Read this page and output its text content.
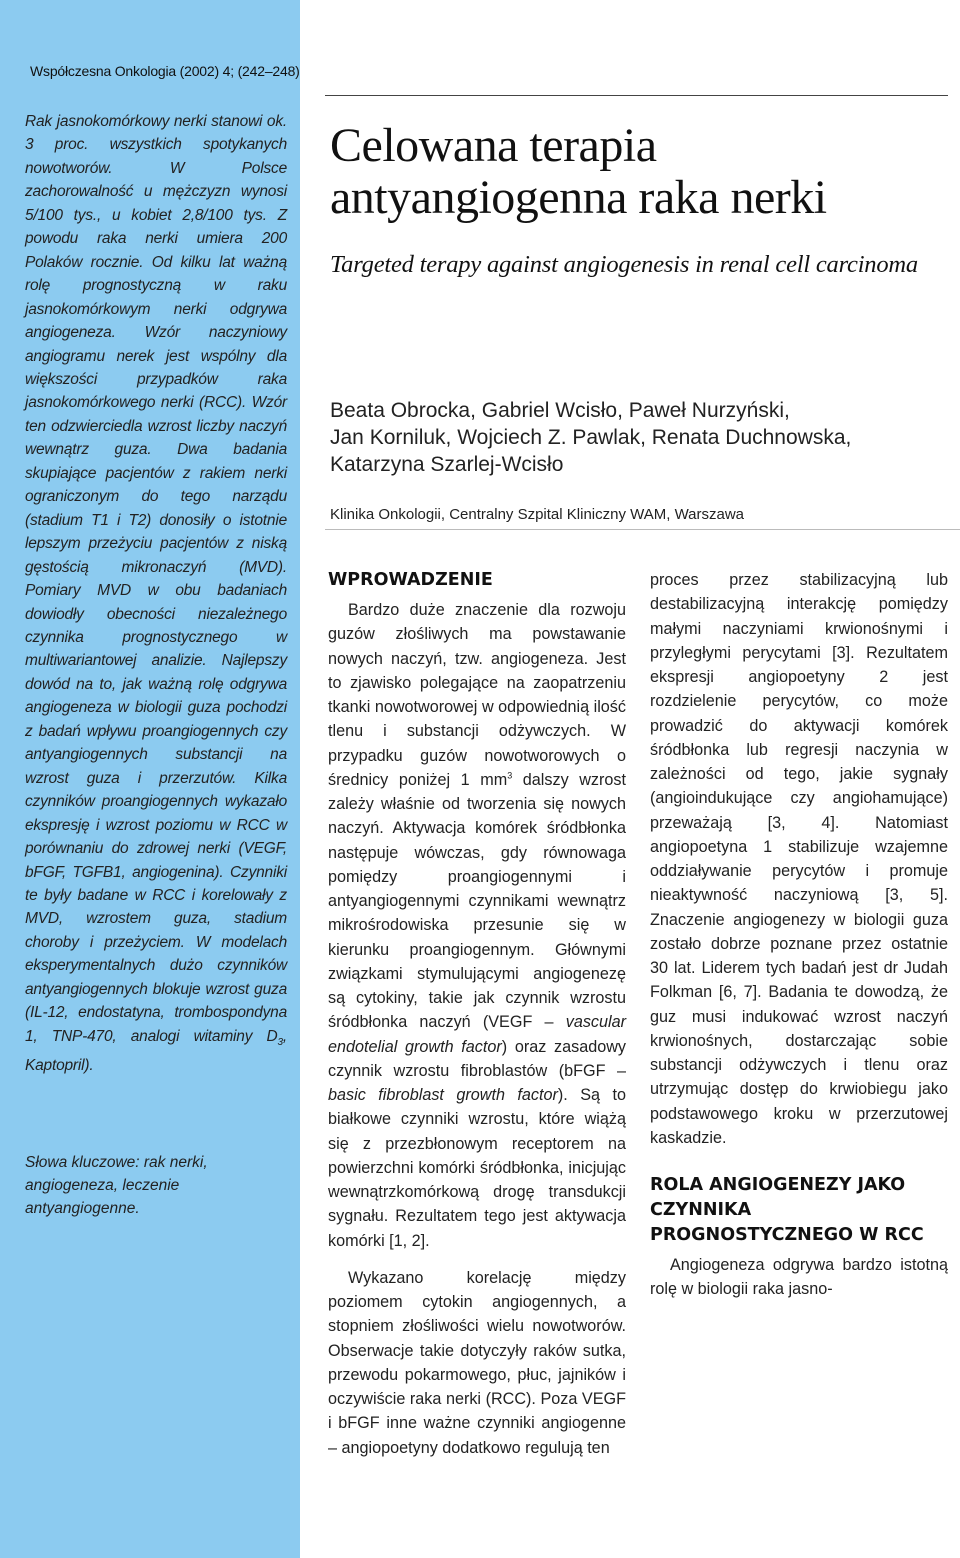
Współczesna Onkologia (2002) 4; (242–248)
Rak jasnokomórkowy nerki stanowi ok. 3 proc. wszystkich spotykanych nowotworów. W Polsce zachorowalność u mężczyzn wynosi 5/100 tys., u kobiet 2,8/100 tys. Z powodu raka nerki umiera 200 Polaków rocznie. Od kilku lat ważną rolę prognostyczną w raku jasnokomórkowym nerki odgrywa angiogeneza. Wzór naczyniowy angiogramu nerek jest wspólny dla większości przypadków raka jasnokomórkowego nerki (RCC). Wzór ten odzwierciedla wzrost liczby naczyń wewnątrz guza. Dwa badania skupiające pacjentów z rakiem nerki ograniczonym do tego narządu (stadium T1 i T2) donosiły o istotnie lepszym przeżyciu pacjentów z niską gęstością mikronaczyń (MVD). Pomiary MVD w obu badaniach dowiodły obecności niezależnego czynnika prognostycznego w multiwariantowej analizie. Najlepszy dowód na to, jak ważną rolę odgrywa angiogeneza w biologii guza pochodzi z badań wpływu proangiogennych czy antyangiogennych substancji na wzrost guza i przerzutów. Kilka czynników proangiogennych wykazało ekspresję i wzrost poziomu w RCC w porównaniu do zdrowej nerki (VEGF, bFGF, TGFB1, angiogenina). Czynniki te były badane w RCC i korelowały z MVD, wzrostem guza, stadium choroby i przeżyciem. W modelach eksperymentalnych dużo czynników antyangiogennych blokuje wzrost guza (IL-12, endostatyna, trombospondyna 1, TNP-470, analogi witaminy $D_3$, Kaptopril).
Słowa kluczowe: rak nerki, angiogeneza, leczenie antyangiogenne.
Celowana terapia antyangiogenna raka nerki
Targeted terapy against angiogenesis in renal cell carcinoma
Beata Obrocka, Gabriel Wcisło, Paweł Nurzyński,
Jan Korniluk, Wojciech Z. Pawlak, Renata Duchnowska,
Katarzyna Szarlej-Wcisło
Klinika Onkologii, Centralny Szpital Kliniczny WAM, Warszawa
WPROWADZENIE

Bardzo duże znaczenie dla rozwoju guzów złośliwych ma powstawanie nowych naczyń, tzw. angiogeneza. Jest to zjawisko polegające na zaopatrzeniu tkanki nowotworowej w odpowiednią ilość tlenu i substancji odżywczych. W przypadku guzów nowotworowych o średnicy poniżej 1 $mm^3$ dalszy wzrost zależy właśnie od tworzenia się nowych naczyń. Aktywacja komórek śródbłonka następuje wówczas, gdy równowaga pomiędzy proangiogennymi i antyangiogennymi czynnikami wewnątrz mikrośrodowiska przesunie się w kierunku proangiogennym. Głównymi związkami stymulującymi angiogenezę są cytokiny, takie jak czynnik wzrostu śródbłonka naczyń (VEGF – vascular endotelial growth factor) oraz zasadowy czynnik wzrostu fibroblastów (bFGF – basic fibroblast growth factor). Są to białkowe czynniki wzrostu, które wiążą się z przezbłonowym receptorem na powierzchni komórki śródbłonka, inicjując wewnątrzkomórkową drogę transdukcji sygnału. Rezultatem tego jest aktywacja komórki [1, 2].

Wykazano korelację między poziomem cytokin angiogennych, a stopniem złośliwości wielu nowotworów. Obserwacje takie dotyczyły raków sutka, przewodu pokarmowego, płuc, jajników i oczywiście raka nerki (RCC). Poza VEGF i bFGF inne ważne czynniki angiogenne – angiopoetyny dodatkowo regulują ten

proces przez stabilizacyjną lub destabilizacyjną interakcję pomiędzy małymi naczyniami krwionośnymi i przyległymi perycytami [3]. Rezultatem ekspresji angiopoetyny 2 jest rozdzielenie perycytów, co może prowadzić do aktywacji komórek śródbłonka lub regresji naczynia w zależności od tego, jakie sygnały (angioindukujące czy angiohamujące) przeważają [3, 4]. Natomiast angiopoetyna 1 stabilizuje wzajemne oddziaływanie perycytów i promuje nieaktywność naczyniową [3, 5]. Znaczenie angiogenezy w biologii guza zostało dobrze poznane przez ostatnie 30 lat. Liderem tych badań jest dr Judah Folkman [6, 7]. Badania te dowodzą, że guz musi indukować wzrost naczyń krwionośnych, dostarczając sobie substancji odżywczych i tlenu oraz utrzymując dostęp do krwiobiegu jako podstawowego kroku w przerzutowej kaskadzie.

ROLA ANGIOGENEZY JAKO CZYNNIKA PROGNOSTYCZNEGO W RCC

Angiogeneza odgrywa bardzo istotną rolę w biologii raka jasno-
